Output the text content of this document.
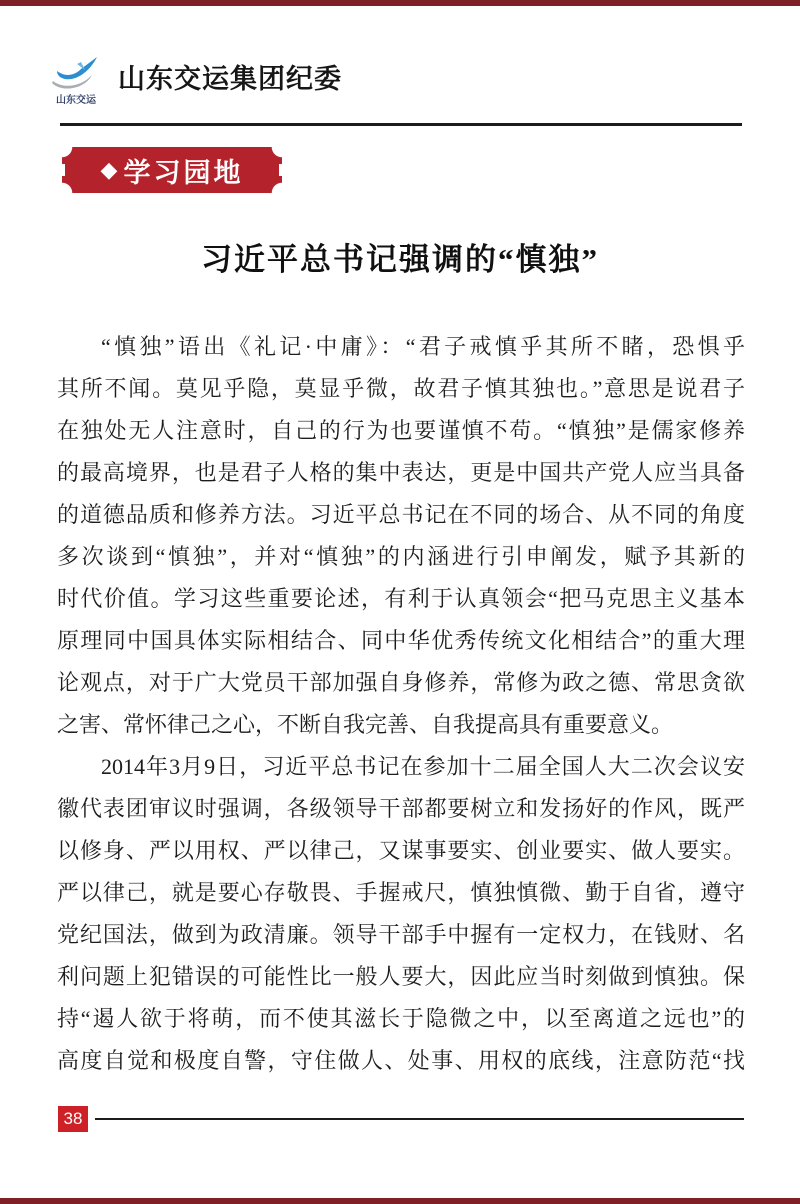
山东交运
山东交运集团纪委
◆ 学习园地
习近平总书记强调的“慎独”
“慎独”语出《礼记·中庸》：“君子戒慎乎其所不睹，恐惧乎
其所不闻。莫见乎隐，莫显乎微，故君子慎其独也。”意思是说君子
在独处无人注意时，自己的行为也要谨慎不苟。“慎独”是儒家修养
的最高境界，也是君子人格的集中表达，更是中国共产党人应当具备
的道德品质和修养方法。习近平总书记在不同的场合、从不同的角度
多次谈到“慎独”，并对“慎独”的内涵进行引申阐发，赋予其新的
时代价值。学习这些重要论述，有利于认真领会“把马克思主义基本
原理同中国具体实际相结合、同中华优秀传统文化相结合”的重大理
论观点，对于广大党员干部加强自身修养，常修为政之德、常思贪欲
之害、常怀律己之心，不断自我完善、自我提高具有重要意义。
2014年3月9日，习近平总书记在参加十二届全国人大二次会议安
徽代表团审议时强调，各级领导干部都要树立和发扬好的作风，既严
以修身、严以用权、严以律己，又谋事要实、创业要实、做人要实。
严以律己，就是要心存敬畏、手握戒尺，慎独慎微、勤于自省，遵守
党纪国法，做到为政清廉。领导干部手中握有一定权力，在钱财、名
利问题上犯错误的可能性比一般人要大，因此应当时刻做到慎独。保
持“遏人欲于将萌，而不使其滋长于隐微之中，以至离道之远也”的
高度自觉和极度自警，守住做人、处事、用权的底线，注意防范“找
38
